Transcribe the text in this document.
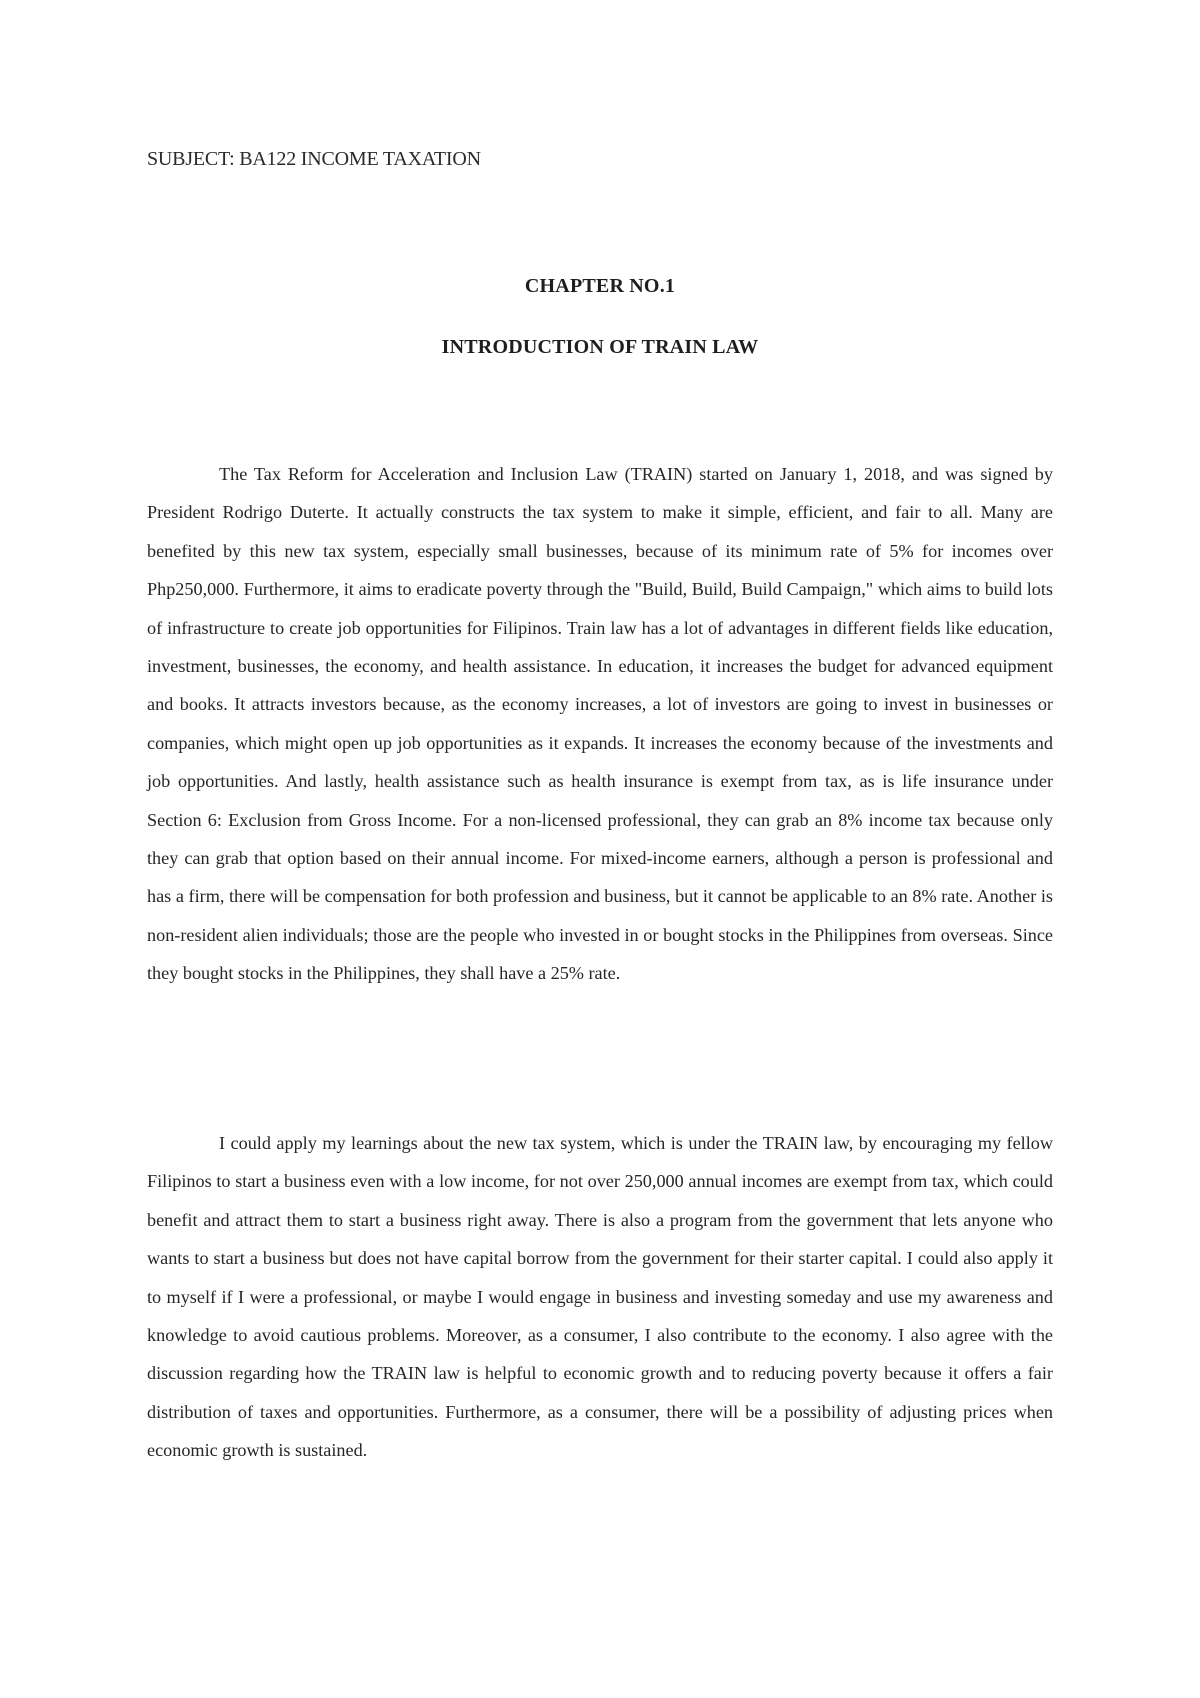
SUBJECT: BA122 INCOME TAXATION

CHAPTER NO.1
INTRODUCTION OF TRAIN LAW

The Tax Reform for Acceleration and Inclusion Law (TRAIN) started on January 1, 2018, and was signed by President Rodrigo Duterte. It actually constructs the tax system to make it simple, efficient, and fair to all. Many are benefited by this new tax system, especially small businesses, because of its minimum rate of 5% for incomes over Php250,000. Furthermore, it aims to eradicate poverty through the "Build, Build, Build Campaign," which aims to build lots of infrastructure to create job opportunities for Filipinos. Train law has a lot of advantages in different fields like education, investment, businesses, the economy, and health assistance. In education, it increases the budget for advanced equipment and books. It attracts investors because, as the economy increases, a lot of investors are going to invest in businesses or companies, which might open up job opportunities as it expands. It increases the economy because of the investments and job opportunities. And lastly, health assistance such as health insurance is exempt from tax, as is life insurance under Section 6: Exclusion from Gross Income. For a non-licensed professional, they can grab an 8% income tax because only they can grab that option based on their annual income. For mixed-income earners, although a person is professional and has a firm, there will be compensation for both profession and business, but it cannot be applicable to an 8% rate. Another is non-resident alien individuals; those are the people who invested in or bought stocks in the Philippines from overseas. Since they bought stocks in the Philippines, they shall have a 25% rate.

I could apply my learnings about the new tax system, which is under the TRAIN law, by encouraging my fellow Filipinos to start a business even with a low income, for not over 250,000 annual incomes are exempt from tax, which could benefit and attract them to start a business right away. There is also a program from the government that lets anyone who wants to start a business but does not have capital borrow from the government for their starter capital. I could also apply it to myself if I were a professional, or maybe I would engage in business and investing someday and use my awareness and knowledge to avoid cautious problems. Moreover, as a consumer, I also contribute to the economy. I also agree with the discussion regarding how the TRAIN law is helpful to economic growth and to reducing poverty because it offers a fair distribution of taxes and opportunities. Furthermore, as a consumer, there will be a possibility of adjusting prices when economic growth is sustained.
